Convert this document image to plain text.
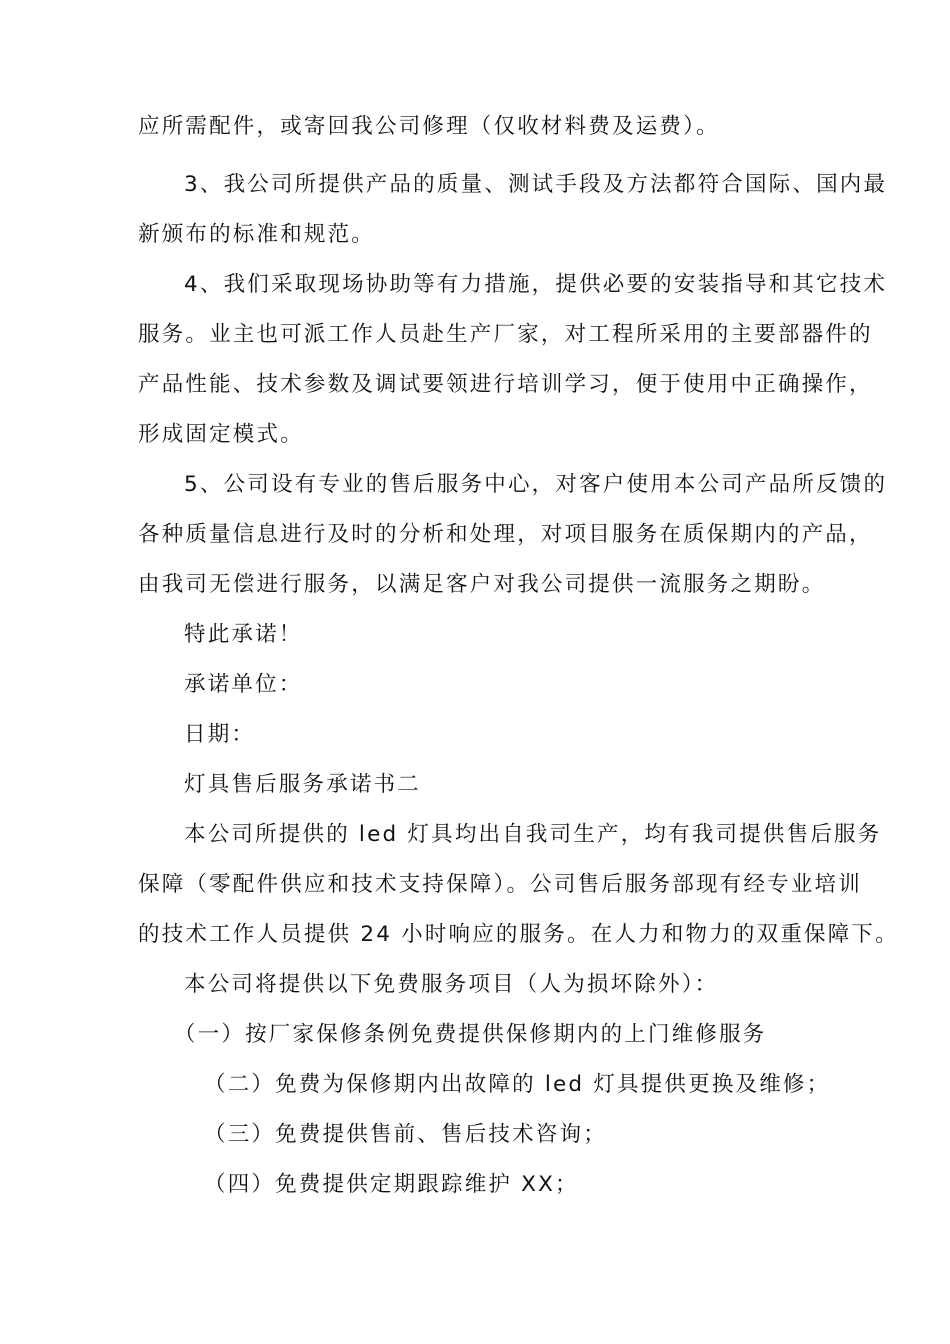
应所需配件，或寄回我公司修理（仅收材料费及运费）。
3、我公司所提供产品的质量、测试手段及方法都符合国际、国内最
新颁布的标准和规范。
4、我们采取现场协助等有力措施，提供必要的安装指导和其它技术
服务。业主也可派工作人员赴生产厂家，对工程所采用的主要部器件的
产品性能、技术参数及调试要领进行培训学习，便于使用中正确操作，
形成固定模式。
5、公司设有专业的售后服务中心，对客户使用本公司产品所反馈的
各种质量信息进行及时的分析和处理，对项目服务在质保期内的产品，
由我司无偿进行服务，以满足客户对我公司提供一流服务之期盼。
特此承诺！
承诺单位：
日期：
灯具售后服务承诺书二
本公司所提供的 led 灯具均出自我司生产，均有我司提供售后服务
保障（零配件供应和技术支持保障）。公司售后服务部现有经专业培训
的技术工作人员提供 24 小时响应的服务。在人力和物力的双重保障下。
本公司将提供以下免费服务项目（人为损坏除外）：
（一）按厂家保修条例免费提供保修期内的上门维修服务
（二）免费为保修期内出故障的 led 灯具提供更换及维修；
（三）免费提供售前、售后技术咨询；
（四）免费提供定期跟踪维护 XX；
